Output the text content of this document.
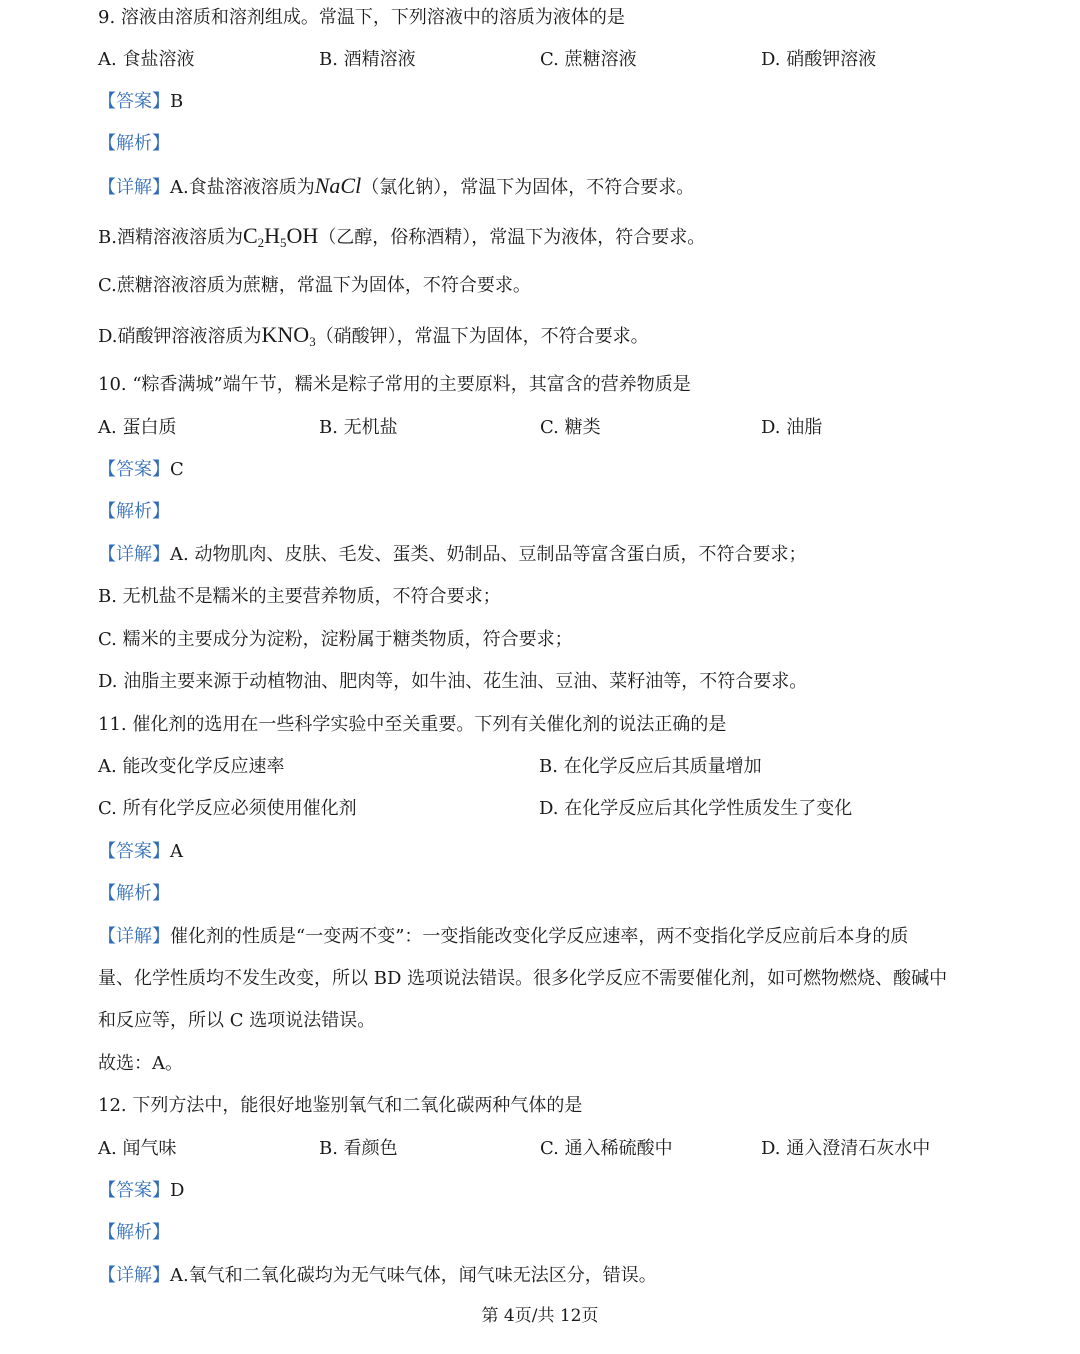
9. 溶液由溶质和溶剂组成。常温下，下列溶液中的溶质为液体的是
A. 食盐溶液	B. 酒精溶液	C. 蔗糖溶液	D. 硝酸钾溶液
【答案】B
【解析】
【详解】A.食盐溶液溶质为NaCl（氯化钠），常温下为固体，不符合要求。
B.酒精溶液溶质为$C_2H_5OH$（乙醇，俗称酒精），常温下为液体，符合要求。
C.蔗糖溶液溶质为蔗糖，常温下为固体，不符合要求。
D.硝酸钾溶液溶质为$KNO_3$（硝酸钾），常温下为固体，不符合要求。
10. “粽香满城”端午节，糯米是粽子常用的主要原料，其富含的营养物质是
A. 蛋白质	B. 无机盐	C. 糖类	D. 油脂
【答案】C
【解析】
【详解】A. 动物肌肉、皮肤、毛发、蛋类、奶制品、豆制品等富含蛋白质，不符合要求；
B. 无机盐不是糯米的主要营养物质，不符合要求；
C. 糯米的主要成分为淀粉，淀粉属于糖类物质，符合要求；
D. 油脂主要来源于动植物油、肥肉等，如牛油、花生油、豆油、菜籽油等，不符合要求。
11. 催化剂的选用在一些科学实验中至关重要。下列有关催化剂的说法正确的是
A. 能改变化学反应速率	B. 在化学反应后其质量增加
C. 所有化学反应必须使用催化剂	D. 在化学反应后其化学性质发生了变化
【答案】A
【解析】
【详解】催化剂的性质是“一变两不变”：一变指能改变化学反应速率，两不变指化学反应前后本身的质
量、化学性质均不发生改变，所以 BD 选项说法错误。很多化学反应不需要催化剂，如可燃物燃烧、酸碱中
和反应等，所以 C 选项说法错误。
故选：A。
12. 下列方法中，能很好地鉴别氧气和二氧化碳两种气体的是
A. 闻气味	B. 看颜色	C. 通入稀硫酸中	D. 通入澄清石灰水中
【答案】D
【解析】
【详解】A.氧气和二氧化碳均为无气味气体，闻气味无法区分，错误。
第 4页/共 12页
